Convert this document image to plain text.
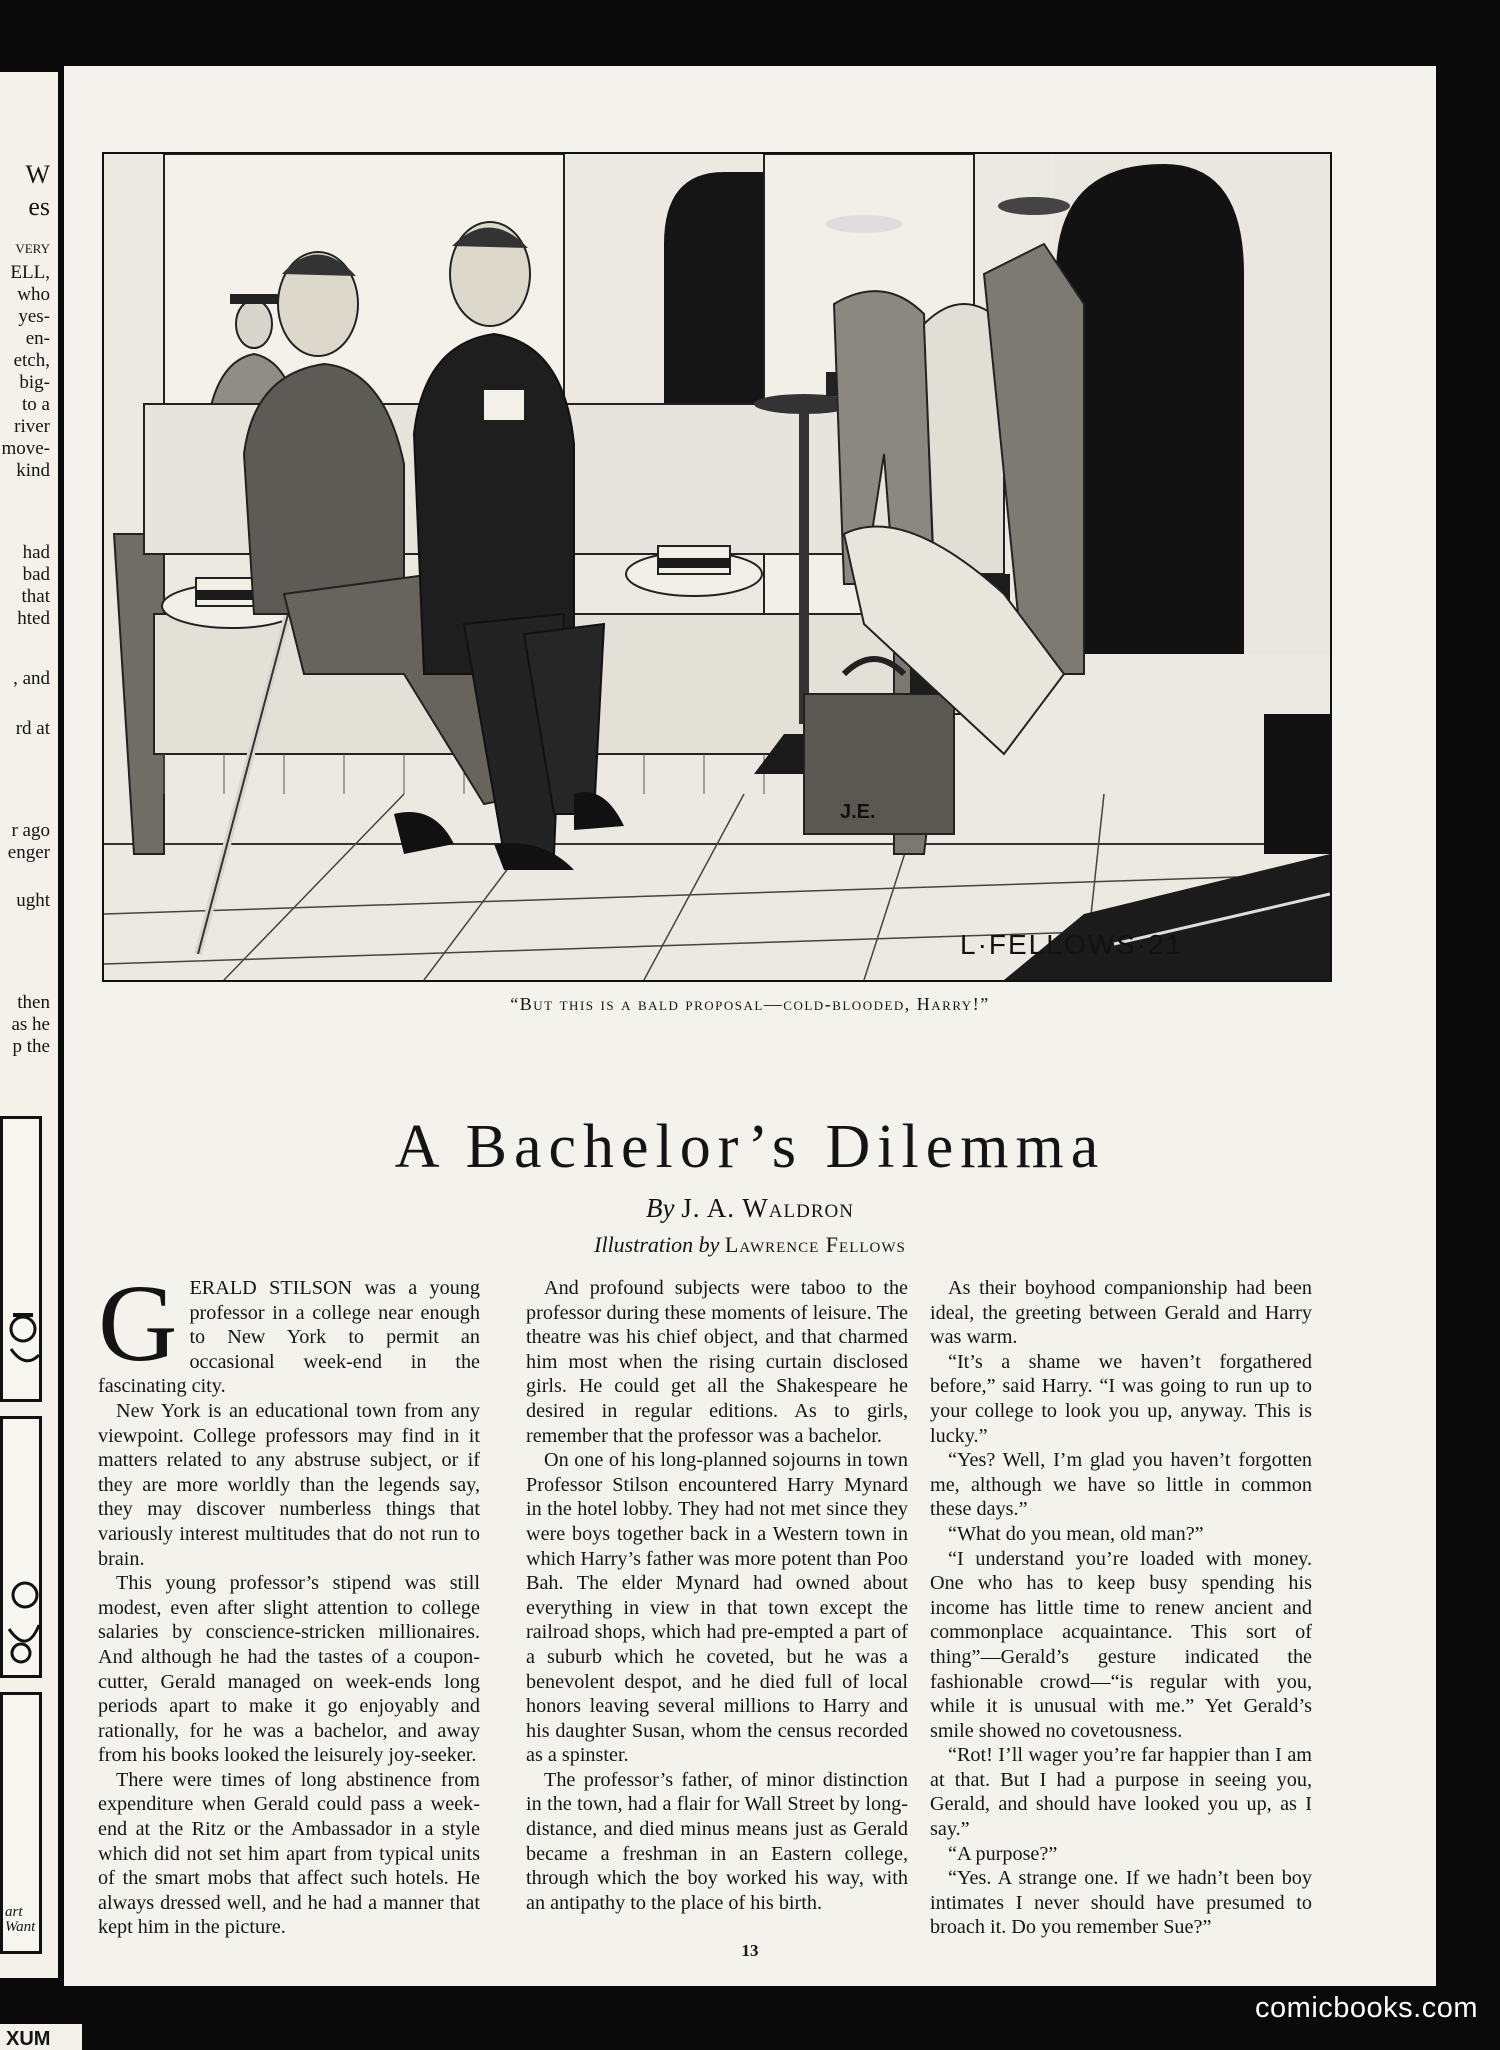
W
es
VERY
ELL,
who
yes-
en-
etch,
big-
to a
river
move-
kind
had
bad
that
hted
, and
rd at
r ago
enger
ught
then
as he
p the
art Want
J.E.
L·FELLOWS·21
“But this is a bald proposal—cold-blooded, Harry!”
A Bachelor’s Dilemma
By J. A. Waldron
Illustration by Lawrence Fellows

GERALD STILSON was a young professor in a college near enough to New York to permit an occasional week-end in the fascinating city.

New York is an educational town from any viewpoint. College professors may find in it matters related to any abstruse subject, or if they are more worldly than the legends say, they may discover numberless things that variously interest multitudes that do not run to brain.

This young professor’s stipend was still modest, even after slight attention to college salaries by conscience-stricken millionaires. And although he had the tastes of a coupon-cutter, Gerald managed on week-ends long periods apart to make it go enjoyably and rationally, for he was a bachelor, and away from his books looked the leisurely joy-seeker.

There were times of long abstinence from expenditure when Gerald could pass a week-end at the Ritz or the Ambassador in a style which did not set him apart from typical units of the smart mobs that affect such hotels. He always dressed well, and he had a manner that kept him in the picture.

And profound subjects were taboo to the professor during these moments of leisure. The theatre was his chief object, and that charmed him most when the rising curtain disclosed girls. He could get all the Shakespeare he desired in regular editions. As to girls, remember that the professor was a bachelor.

On one of his long-planned sojourns in town Professor Stilson encountered Harry Mynard in the hotel lobby. They had not met since they were boys together back in a Western town in which Harry’s father was more potent than Poo Bah. The elder Mynard had owned about everything in view in that town except the railroad shops, which had pre-empted a part of a suburb which he coveted, but he was a benevolent despot, and he died full of local honors leaving several millions to Harry and his daughter Susan, whom the census recorded as a spinster.

The professor’s father, of minor distinction in the town, had a flair for Wall Street by long-distance, and died minus means just as Gerald became a freshman in an Eastern college, through which the boy worked his way, with an antipathy to the place of his birth.

As their boyhood companionship had been ideal, the greeting between Gerald and Harry was warm.

“It’s a shame we haven’t forgathered before,” said Harry. “I was going to run up to your college to look you up, anyway. This is lucky.”

“Yes? Well, I’m glad you haven’t forgotten me, although we have so little in common these days.”

“What do you mean, old man?”

“I understand you’re loaded with money. One who has to keep busy spending his income has little time to renew ancient and commonplace acquaintance. This sort of thing”—Gerald’s gesture indicated the fashionable crowd—“is regular with you, while it is unusual with me.” Yet Gerald’s smile showed no covetousness.

“Rot! I’ll wager you’re far happier than I am at that. But I had a purpose in seeing you, Gerald, and should have looked you up, as I say.”

“A purpose?”

“Yes. A strange one. If we hadn’t been boy intimates I never should have presumed to broach it. Do you remember Sue?”

13
comicbooks.com
XUM
